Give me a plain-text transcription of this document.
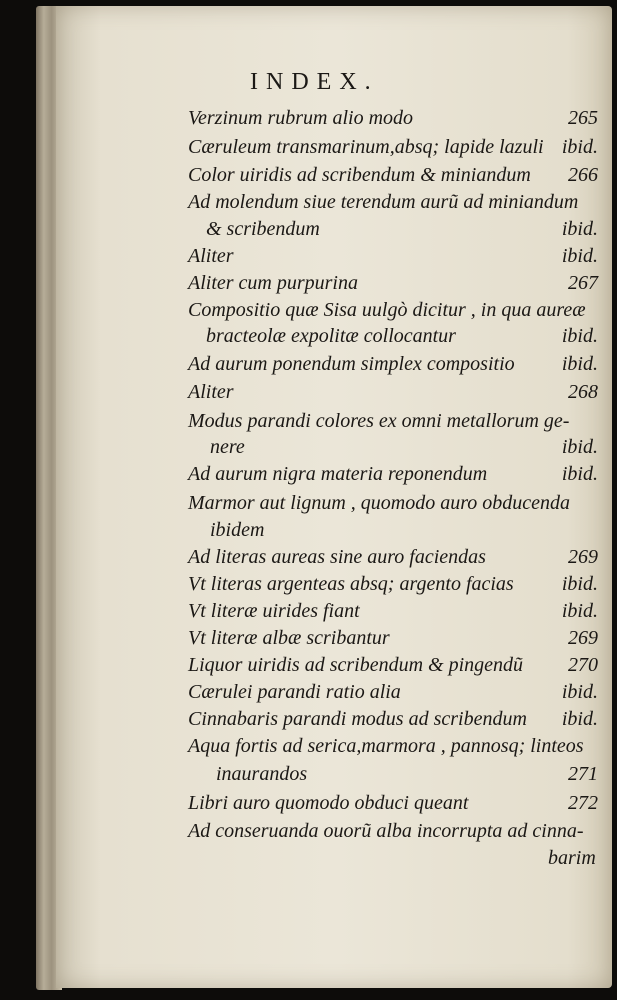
INDEX.
Verzinum rubrum alio modo	265
Cæruleum transmarinum,absq; lapide lazuli ibid.
Color uiridis ad scribendum & miniandum 266
Ad molendum siue terendum aurũ ad miniandum
& scribendum	ibid.
Aliter	ibid.
Aliter cum purpurina	267
Compositio quæ Sisa uulgò dicitur , in qua aureæ
bracteolæ expolitæ collocantur	ibid.
Ad aurum ponendum simplex compositio ibid.
Aliter	268
Modus parandi colores ex omni metallorum ge-
nere	ibid.
Ad aurum nigra materia reponendum	ibid.
Marmor aut lignum , quomodo auro obducenda
ibidem
Ad literas aureas sine auro faciendas	269
Vt literas argenteas absq; argento facias ibid.
Vt literæ uirides fiant	ibid.
Vt literæ albæ scribantur	269
Liquor uiridis ad scribendum & pingendũ 270
Cærulei parandi ratio alia	ibid.
Cinnabaris parandi modus ad scribendum ibid.
Aqua fortis ad serica,marmora , pannosq; linteos
inaurandos	271
Libri auro quomodo obduci queant	272
Ad conseruanda ouorũ alba incorrupta ad cinna-
barim
